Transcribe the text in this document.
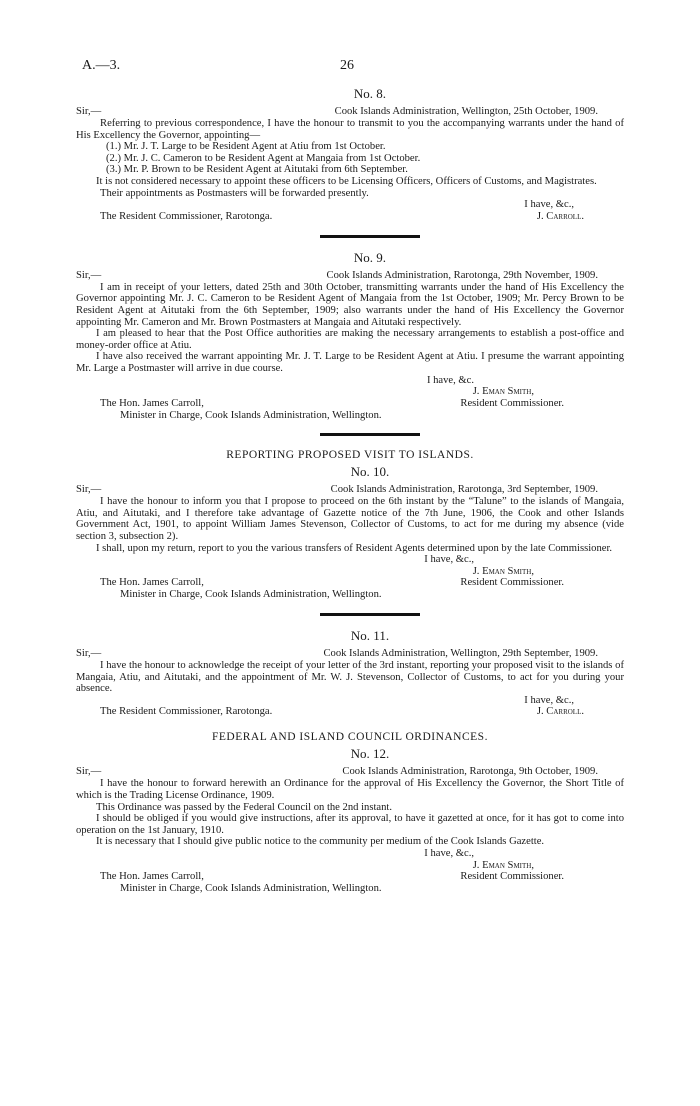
A.—3.	26
No. 8.
Sir,—	Cook Islands Administration, Wellington, 25th October, 1909.

Referring to previous correspondence, I have the honour to transmit to you the accompanying warrants under the hand of His Excellency the Governor, appointing—

(1.) Mr. J. T. Large to be Resident Agent at Atiu from 1st October.
(2.) Mr. J. C. Cameron to be Resident Agent at Mangaia from 1st October.
(3.) Mr. P. Brown to be Resident Agent at Aitutaki from 6th September.

It is not considered necessary to appoint these officers to be Licensing Officers, Officers of Customs, and Magistrates.

Their appointments as Postmasters will be forwarded presently.

I have, &c.,
The Resident Commissioner, Rarotonga.	J. Carroll.
No. 9.
Sir,—	Cook Islands Administration, Rarotonga, 29th November, 1909.

I am in receipt of your letters, dated 25th and 30th October, transmitting warrants under the hand of His Excellency the Governor appointing Mr. J. C. Cameron to be Resident Agent of Mangaia from the 1st October, 1909; Mr. Percy Brown to be Resident Agent at Aitutaki from the 6th September, 1909; also warrants under the hand of His Excellency the Governor appointing Mr. Cameron and Mr. Brown Postmasters at Mangaia and Aitutaki respectively.

I am pleased to hear that the Post Office authorities are making the necessary arrangements to establish a post-office and money-order office at Atiu.

I have also received the warrant appointing Mr. J. T. Large to be Resident Agent at Atiu. I presume the warrant appointing Mr. Large a Postmaster will arrive in due course.

I have, &c.
J. Eman Smith,
The Hon. James Carroll,	Resident Commissioner.
Minister in Charge, Cook Islands Administration, Wellington.
REPORTING PROPOSED VISIT TO ISLANDS.
No. 10.
Sir,—	Cook Islands Administration, Rarotonga, 3rd September, 1909.

I have the honour to inform you that I propose to proceed on the 6th instant by the “Talune” to the islands of Mangaia, Atiu, and Aitutaki, and I therefore take advantage of Gazette notice of the 7th June, 1906, the Cook and other Islands Government Act, 1901, to appoint William James Stevenson, Collector of Customs, to act for me during my absence (vide section 3, subsection 2).

I shall, upon my return, report to you the various transfers of Resident Agents determined upon by the late Commissioner.

I have, &c.,
J. Eman Smith,
The Hon. James Carroll,	Resident Commissioner.
Minister in Charge, Cook Islands Administration, Wellington.
No. 11.
Sir,—	Cook Islands Administration, Wellington, 29th September, 1909.

I have the honour to acknowledge the receipt of your letter of the 3rd instant, reporting your proposed visit to the islands of Mangaia, Atiu, and Aitutaki, and the appointment of Mr. W. J. Stevenson, Collector of Customs, to act for you during your absence.

I have, &c.,
The Resident Commissioner, Rarotonga.	J. Carroll.
FEDERAL AND ISLAND COUNCIL ORDINANCES.
No. 12.
Sir,—	Cook Islands Administration, Rarotonga, 9th October, 1909.

I have the honour to forward herewith an Ordinance for the approval of His Excellency the Governor, the Short Title of which is the Trading License Ordinance, 1909.

This Ordinance was passed by the Federal Council on the 2nd instant.

I should be obliged if you would give instructions, after its approval, to have it gazetted at once, for it has got to come into operation on the 1st January, 1910.

It is necessary that I should give public notice to the community per medium of the Cook Islands Gazette.

I have, &c.,
J. Eman Smith,
The Hon. James Carroll,	Resident Commissioner.
Minister in Charge, Cook Islands Administration, Wellington.
